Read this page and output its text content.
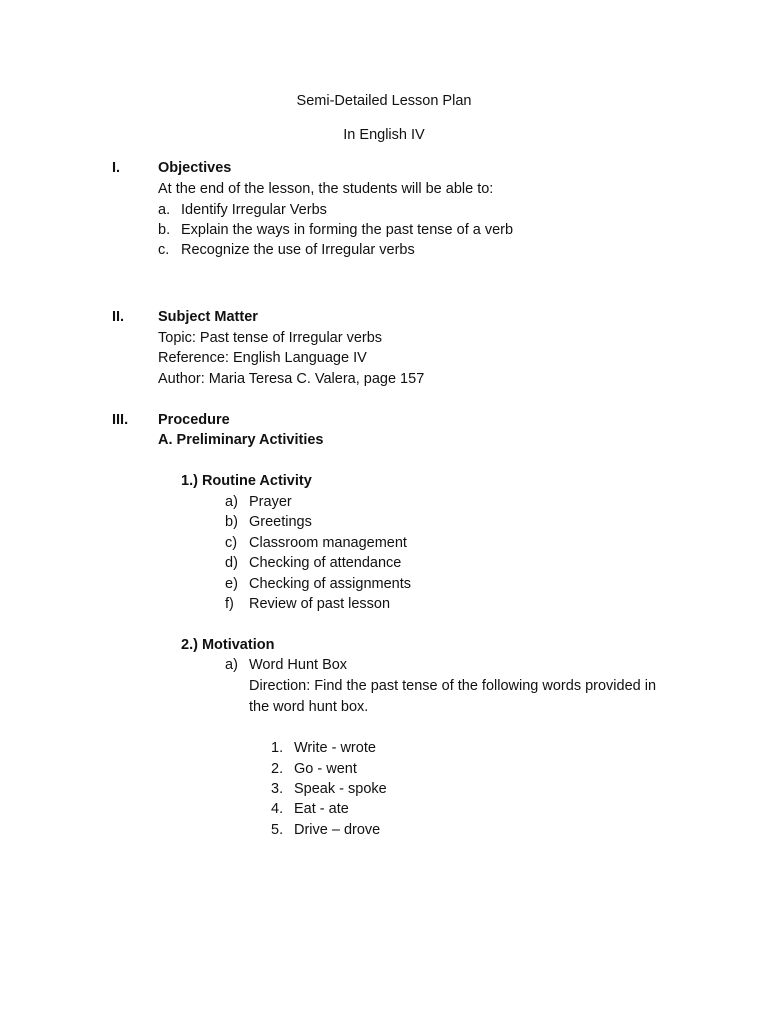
Semi-Detailed Lesson Plan
In English IV
I.	Objectives
At the end of the lesson, the students will be able to:
a. Identify Irregular Verbs
b. Explain the ways in forming the past tense of a verb
c. Recognize the use of Irregular verbs
II. Subject Matter
Topic: Past tense of Irregular verbs
Reference: English Language IV
Author: Maria Teresa C. Valera, page 157
III. Procedure
A. Preliminary Activities
1.) Routine Activity
a) Prayer
b) Greetings
c) Classroom management
d) Checking of attendance
e) Checking of assignments
f) Review of past lesson
2.) Motivation
a) Word Hunt Box
Direction: Find the past tense of the following words provided in
the word hunt box.
1. Write - wrote
2. Go - went
3. Speak - spoke
4. Eat - ate
5. Drive – drove
